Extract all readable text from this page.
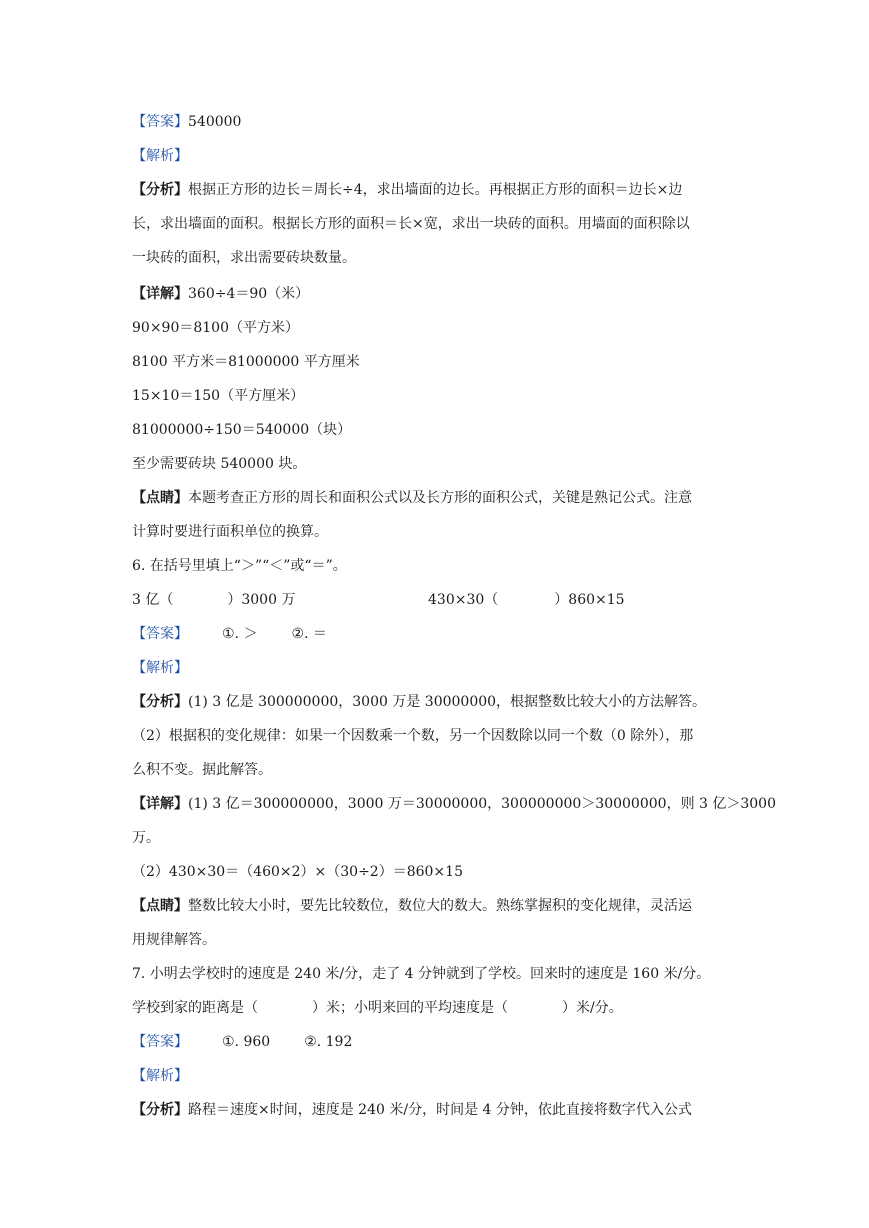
【答案】540000
【解析】
【分析】根据正方形的边长＝周长÷4，求出墙面的边长。再根据正方形的面积＝边长×边
长，求出墙面的面积。根据长方形的面积＝长×宽，求出一块砖的面积。用墙面的面积除以
一块砖的面积，求出需要砖块数量。
【详解】360÷4＝90（米）
90×90＝8100（平方米）
8100 平方米＝81000000 平方厘米
15×10＝150（平方厘米）
81000000÷150＝540000（块）
至少需要砖块 540000 块。
【点睛】本题考查正方形的周长和面积公式以及长方形的面积公式，关键是熟记公式。注意
计算时要进行面积单位的换算。
6. 在括号里填上“＞”“＜”或“＝”。
3 亿（	）3000 万	430×30（	）860×15
【答案】 ①. ＞ ②. ＝
【解析】
【分析】(1) 3 亿是 300000000，3000 万是 30000000，根据整数比较大小的方法解答。
（2）根据积的变化规律：如果一个因数乘一个数，另一个因数除以同一个数（0 除外），那
么积不变。据此解答。
【详解】(1) 3 亿＝300000000，3000 万＝30000000，300000000＞30000000，则 3 亿＞3000
万。
（2）430×30＝（460×2）×（30÷2）＝860×15
【点睛】整数比较大小时，要先比较数位，数位大的数大。熟练掌握积的变化规律，灵活运
用规律解答。
7. 小明去学校时的速度是 240 米/分，走了 4 分钟就到了学校。回来时的速度是 160 米/分。
学校到家的距离是（	）米；小明来回的平均速度是（	）米/分。
【答案】 ①. 960 ②. 192
【解析】
【分析】路程＝速度×时间，速度是 240 米/分，时间是 4 分钟，依此直接将数字代入公式
